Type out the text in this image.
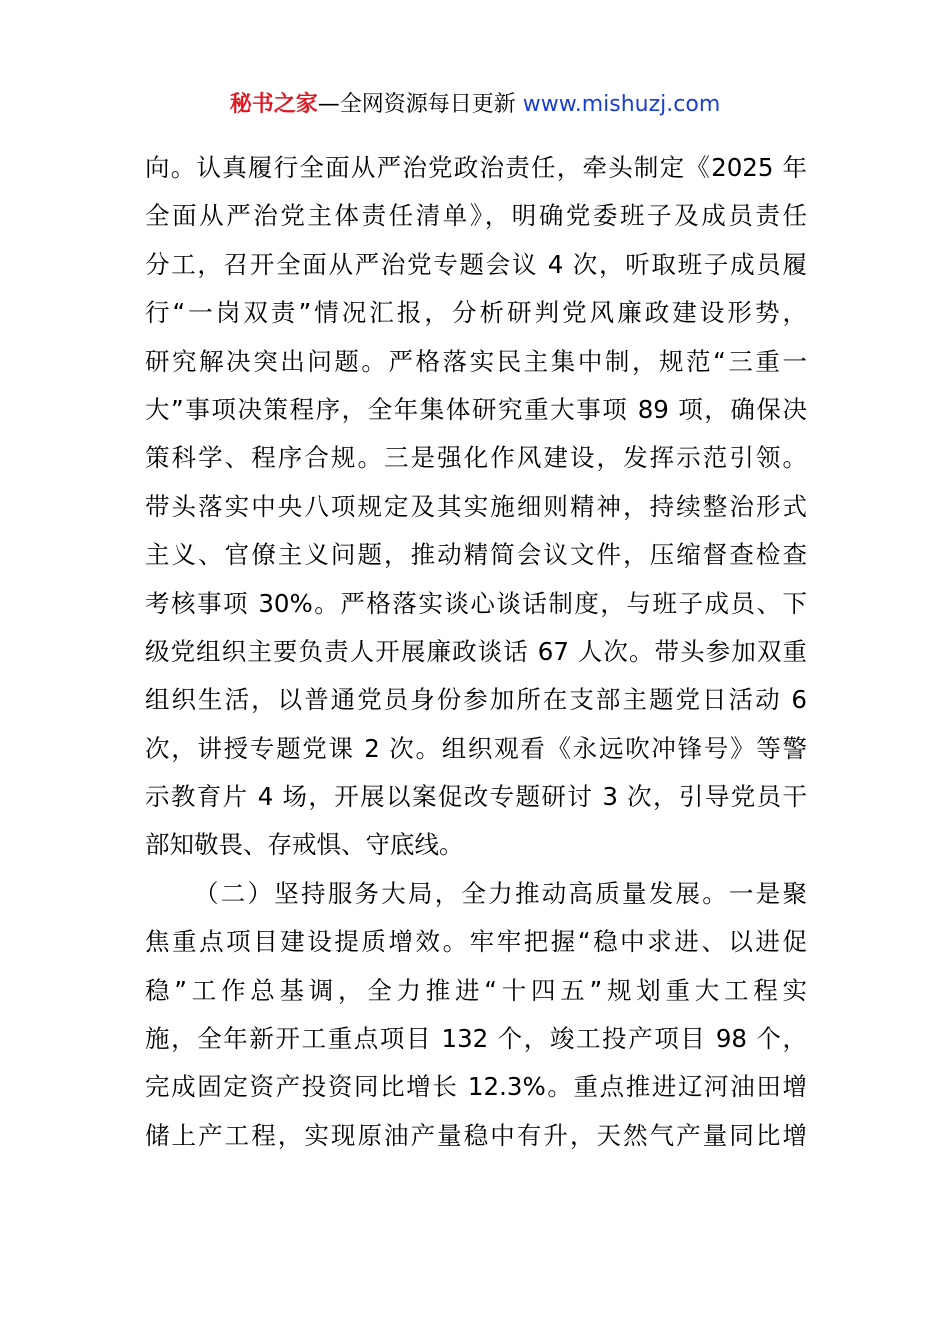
秘书之家—全网资源每日更新 www.mishuzj.com
向。认真履行全面从严治党政治责任，牵头制定《2025 年
全面从严治党主体责任清单》，明确党委班子及成员责任
分工，召开全面从严治党专题会议 4 次，听取班子成员履
行“一岗双责”情况汇报，分析研判党风廉政建设形势，
研究解决突出问题。严格落实民主集中制，规范“三重一
大”事项决策程序，全年集体研究重大事项 89 项，确保决
策科学、程序合规。三是强化作风建设，发挥示范引领。
带头落实中央八项规定及其实施细则精神，持续整治形式
主义、官僚主义问题，推动精简会议文件，压缩督查检查
考核事项 30%。严格落实谈心谈话制度，与班子成员、下
级党组织主要负责人开展廉政谈话 67 人次。带头参加双重
组织生活，以普通党员身份参加所在支部主题党日活动 6
次，讲授专题党课 2 次。组织观看《永远吹冲锋号》等警
示教育片 4 场，开展以案促改专题研讨 3 次，引导党员干
部知敬畏、存戒惧、守底线。
（二）坚持服务大局，全力推动高质量发展。一是聚
焦重点项目建设提质增效。牢牢把握“稳中求进、以进促
稳”工作总基调，全力推进“十四五”规划重大工程实
施，全年新开工重点项目 132 个，竣工投产项目 98 个，
完成固定资产投资同比增长 12.3%。重点推进辽河油田增
储上产工程，实现原油产量稳中有升，天然气产量同比增
